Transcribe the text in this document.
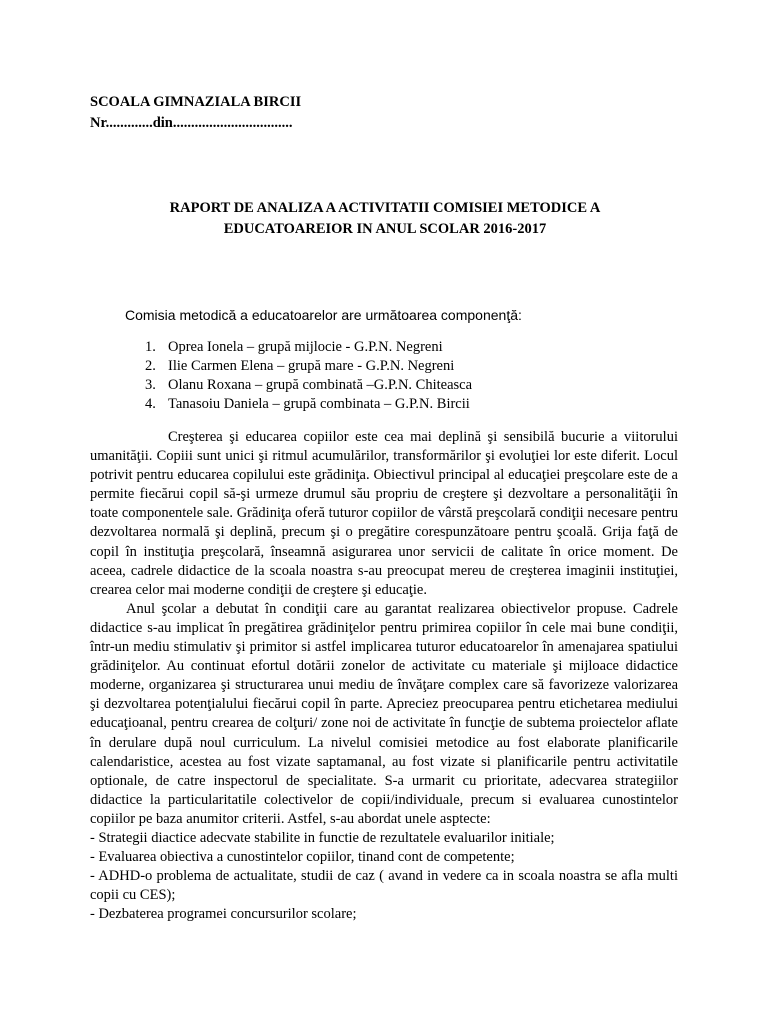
SCOALA GIMNAZIALA BIRCII
Nr.............din.................................
RAPORT DE ANALIZA A ACTIVITATII COMISIEI METODICE A
EDUCATOAREIOR IN ANUL SCOLAR 2016-2017
Comisia metodică a educatoarelor are următoarea componenţă:
1. Oprea Ionela – grupă mijlocie - G.P.N. Negreni
2. Ilie Carmen Elena – grupă mare - G.P.N. Negreni
3. Olanu Roxana – grupă combinată –G.P.N. Chiteasca
4. Tanasoiu Daniela – grupă combinata – G.P.N. Bircii

Creşterea şi educarea copiilor este cea mai deplină şi sensibilă bucurie a viitorului umanităţii. Copiii sunt unici şi ritmul acumulărilor, transformărilor şi evoluţiei lor este diferit. Locul potrivit pentru educarea copilului este grădiniţa. Obiectivul principal al educaţiei preşcolare este de a permite fiecărui copil să-şi urmeze drumul său propriu de creştere şi dezvoltare a personalităţii în toate componentele sale. Grădiniţa oferă tuturor copiilor de vârstă preşcolară condiţii necesare pentru dezvoltarea normală şi deplină, precum şi o pregătire corespunzătoare pentru şcoală. Grija faţă de copil în instituţia preşcolară, înseamnă asigurarea unor servicii de calitate în orice moment. De aceea, cadrele didactice de la scoala noastra s-au preocupat mereu de creşterea imaginii instituţiei, crearea celor mai moderne condiţii de creştere şi educaţie.

Anul şcolar a debutat în condiţii care au garantat realizarea obiectivelor propuse. Cadrele didactice s-au implicat în pregătirea grădiniţelor pentru primirea copiilor în cele mai bune condiţii, într-un mediu stimulativ şi primitor si astfel implicarea tuturor educatoarelor în amenajarea spatiului grădiniţelor. Au continuat efortul dotării zonelor de activitate cu materiale şi mijloace didactice moderne, organizarea şi structurarea unui mediu de învăţare complex care să favorizeze valorizarea şi dezvoltarea potenţialului fiecărui copil în parte. Apreciez preocuparea pentru etichetarea mediului educaţioanal, pentru crearea de colţuri/ zone noi de activitate în funcţie de subtema proiectelor aflate în derulare după noul curriculum. La nivelul comisiei metodice au fost elaborate planificarile calendaristice, acestea au fost vizate saptamanal, au fost vizate si planificarile pentru activitatile optionale, de catre inspectorul de specialitate. S-a urmarit cu prioritate, adecvarea strategiilor didactice la particularitatile colectivelor de copii/individuale, precum si evaluarea cunostintelor copiilor pe baza anumitor criterii. Astfel, s-au abordat unele asptecte:

- Strategii diactice adecvate stabilite in functie de rezultatele evaluarilor initiale;
- Evaluarea obiectiva a cunostintelor copiilor, tinand cont de competente;
- ADHD-o problema de actualitate, studii de caz ( avand in vedere ca in scoala noastra se afla multi copii cu CES);
- Dezbaterea programei concursurilor scolare;
